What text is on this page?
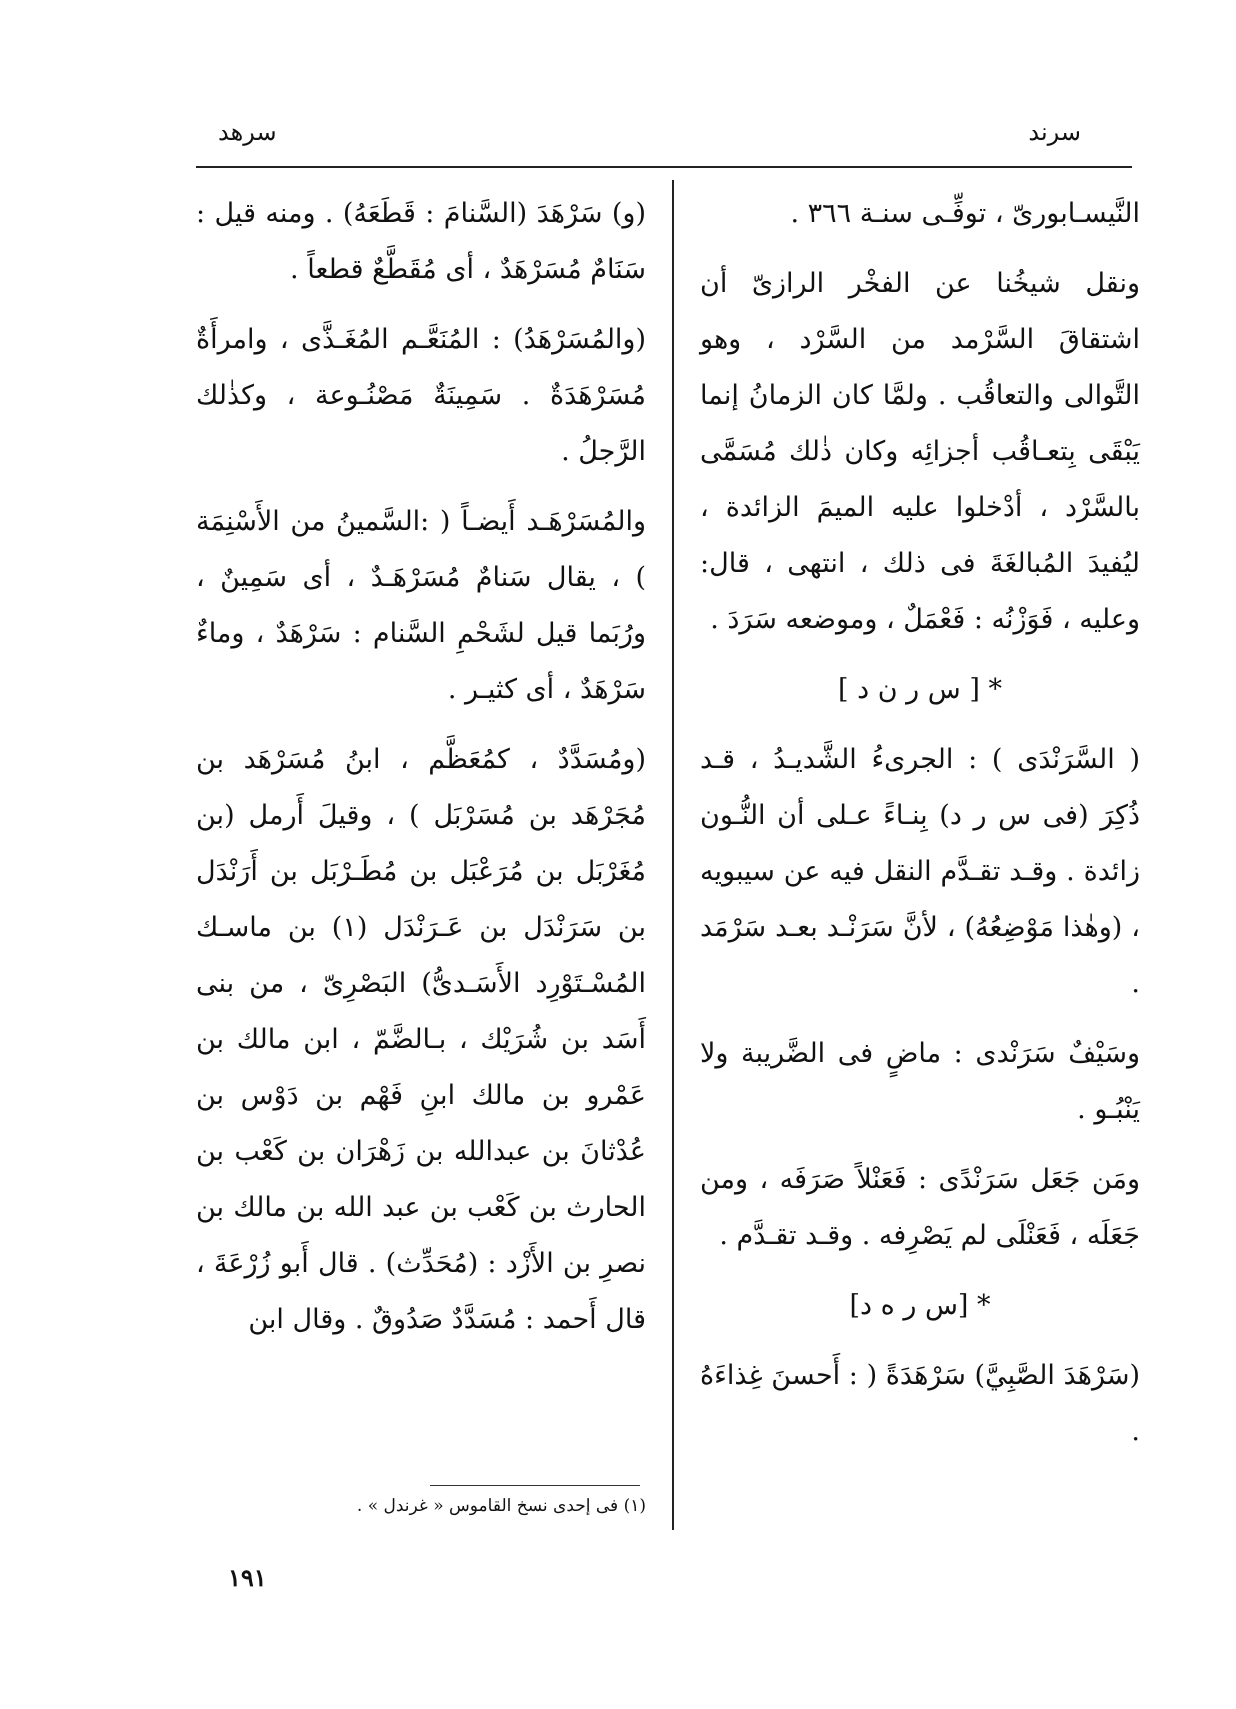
سرند
سرهد

النَّيسـابورىّ ، توفِّـى سنـة ٣٦٦ .

ونقل شيخُنا عن الفخْر الرازىّ أن اشتقاقَ السَّرْمد من السَّرْد ، وهو التَّوالى والتعاقُب . ولمَّا كان الزمانُ إنما يَبْقَى بِتعـاقُب أجزائِه وكان ذٰلك مُسَمَّى بالسَّرْد ، أدْخلوا عليه الميمَ الزائدة ، ليُفيدَ المُبالغَةَ فى ذلك ، انتهى ، قال: وعليه ، فَوَزْنُه : فَعْمَلٌ ، وموضعه سَرَدَ .

* [ س ر ن د ]

( السَّرَنْدَى ) : الجرىءُ الشَّديـدُ ، قـد ذُكِرَ (فى س ر د) بِنـاءً عـلى أن النُّـون زائدة . وقـد تقـدَّم النقل فيه عن سيبويه ، (وهٰذا مَوْضِعُهُ) ، لأنَّ سَرَنْـد بعـد سَرْمَد .

وسَيْفٌ سَرَنْدى : ماضٍ فى الضَّريبة ولا يَنْبُـو .

ومَن جَعَل سَرَنْدًى : فَعَنْلاً صَرَفَه ، ومن جَعَلَه ، فَعَنْلَى لم يَصْرِفه . وقـد تقـدَّم .

* [س ر ه د]

(سَرْهَدَ الصَّبِيَّ) سَرْهَدَةً ( : أَحسنَ غِذاءَهُ .

(و) سَرْهَدَ (السَّنامَ : قَطَعَهُ) . ومنه قيل : سَنَامٌ مُسَرْهَدٌ ، أى مُقَطَّعٌ قطعاً .

(والمُسَرْهَدُ) : المُنَعَّـم المُغَـذَّى ، وامرأَةٌ مُسَرْهَدَةٌ . سَمِينَةٌ مَصْنُـوعة ، وكذٰلك الرَّجلُ .

والمُسَرْهَـد أَيضـاً ( :السَّمينُ من الأَسْنِمَة ) ، يقال سَنامٌ مُسَرْهَـدٌ ، أى سَمِينٌ ، ورُبَما قيل لشَحْمِ السَّنام : سَرْهَدٌ ، وماءٌ سَرْهَدٌ ، أى كثيـر .

(ومُسَدَّدٌ ، كمُعَظَّم ، ابنُ مُسَرْهَد بن مُجَرْهَد بن مُسَرْبَل ) ، وقيلَ أَرمل (بن مُغَرْبَل بن مُرَعْبَل بن مُطَـرْبَل بن أَرَنْدَل بن سَرَنْدَل بن عَـرَنْدَل (١) بن ماسـك المُسْـتَوْرِد الأَسَـدىُّ) البَصْرِىّ ، من بنى أَسَد بن شُرَيْك ، بـالضَّمّ ، ابن مالك بن عَمْرو بن مالك ابنِ فَهْم بن دَوْس بن عُدْثانَ بن عبدالله بن زَهْرَان بن كَعْب بن الحارث بن كَعْب بن عبد الله بن مالك بن نصرِ بن الأَزْد : (مُحَدِّث) . قال أَبو زُرْعَةَ ، قال أَحمد : مُسَدَّدٌ صَدُوقٌ . وقال ابن

(١) فى إحدى نسخ القاموس « غرندل » .
١٩١
